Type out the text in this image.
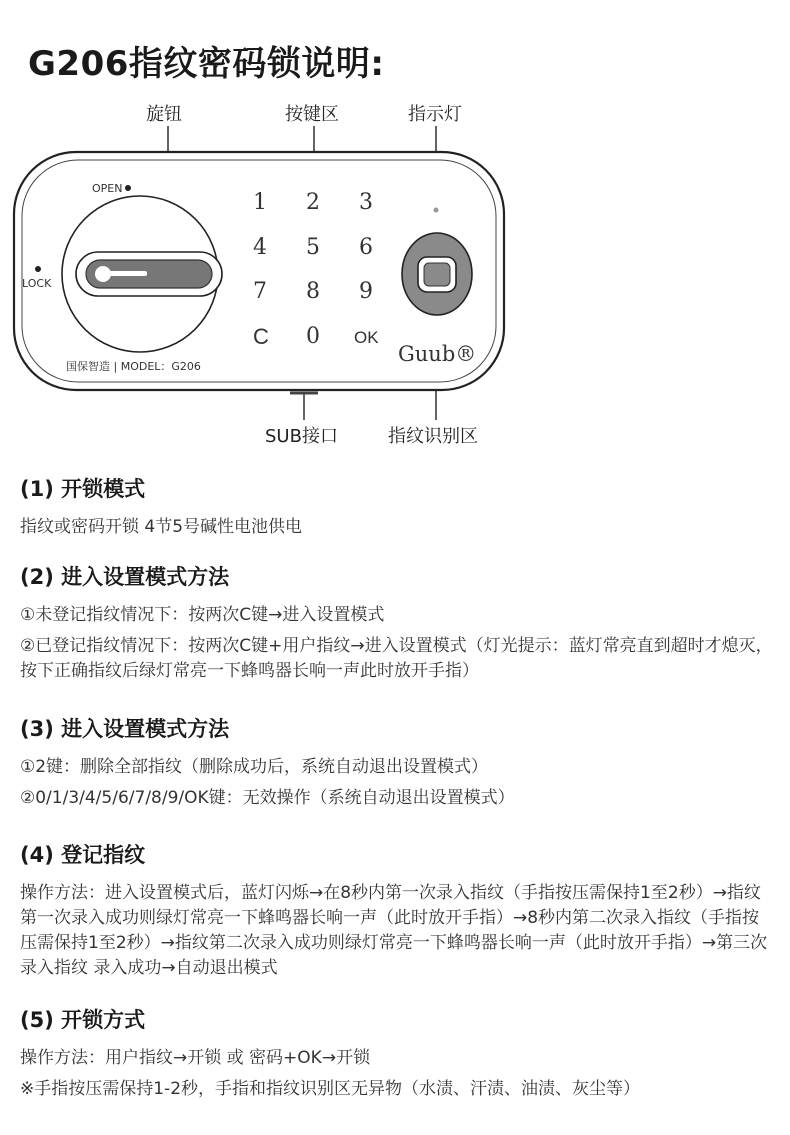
G206指纹密码锁说明:
旋钮	按键区	指示灯
SUB接口	指纹识别区
OPEN
LOCK
国保智造 | MODEL：G206
Guub®
1 2 3
4 5 6
7 8 9
C 0 OK
(1) 开锁模式

指纹或密码开锁 4节5号碱性电池供电

(2) 进入设置模式方法

①未登记指纹情况下：按两次C键→进入设置模式

②已登记指纹情况下：按两次C键+用户指纹→进入设置模式（灯光提示：蓝灯常亮直到超时才熄灭，按下正确指纹后绿灯常亮一下蜂鸣器长响一声此时放开手指）

(3) 进入设置模式方法

①2键：删除全部指纹（删除成功后，系统自动退出设置模式）

②0/1/3/4/5/6/7/8/9/OK键：无效操作（系统自动退出设置模式）

(4) 登记指纹

操作方法：进入设置模式后，蓝灯闪烁→在8秒内第一次录入指纹（手指按压需保持1至2秒）→指纹第一次录入成功则绿灯常亮一下蜂鸣器长响一声（此时放开手指）→8秒内第二次录入指纹（手指按压需保持1至2秒）→指纹第二次录入成功则绿灯常亮一下蜂鸣器长响一声（此时放开手指）→第三次录入指纹 录入成功→自动退出模式

(5) 开锁方式

操作方法：用户指纹→开锁 或 密码+OK→开锁

※手指按压需保持1-2秒，手指和指纹识别区无异物（水渍、汗渍、油渍、灰尘等）
